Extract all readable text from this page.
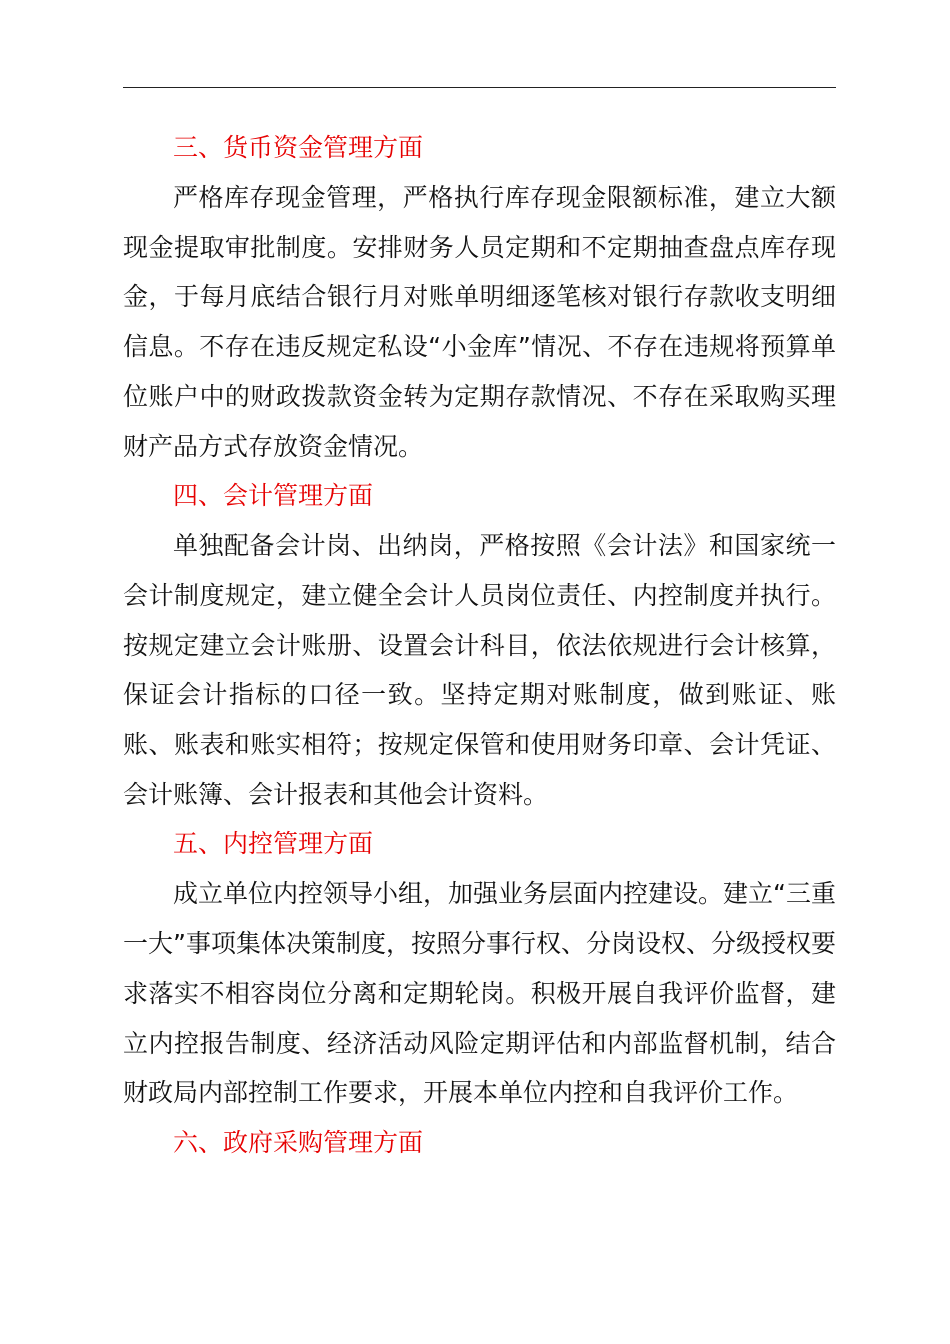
三、货币资金管理方面

严格库存现金管理，严格执行库存现金限额标准，建立大额现金提取审批制度。安排财务人员定期和不定期抽查盘点库存现金，于每月底结合银行月对账单明细逐笔核对银行存款收支明细信息。不存在违反规定私设“小金库”情况、不存在违规将预算单位账户中的财政拨款资金转为定期存款情况、不存在采取购买理财产品方式存放资金情况。

四、会计管理方面

单独配备会计岗、出纳岗，严格按照《会计法》和国家统一会计制度规定，建立健全会计人员岗位责任、内控制度并执行。按规定建立会计账册、设置会计科目，依法依规进行会计核算，保证会计指标的口径一致。坚持定期对账制度，做到账证、账账、账表和账实相符；按规定保管和使用财务印章、会计凭证、会计账簿、会计报表和其他会计资料。

五、内控管理方面

成立单位内控领导小组，加强业务层面内控建设。建立“三重一大”事项集体决策制度，按照分事行权、分岗设权、分级授权要求落实不相容岗位分离和定期轮岗。积极开展自我评价监督，建立内控报告制度、经济活动风险定期评估和内部监督机制，结合财政局内部控制工作要求，开展本单位内控和自我评价工作。

六、政府采购管理方面
